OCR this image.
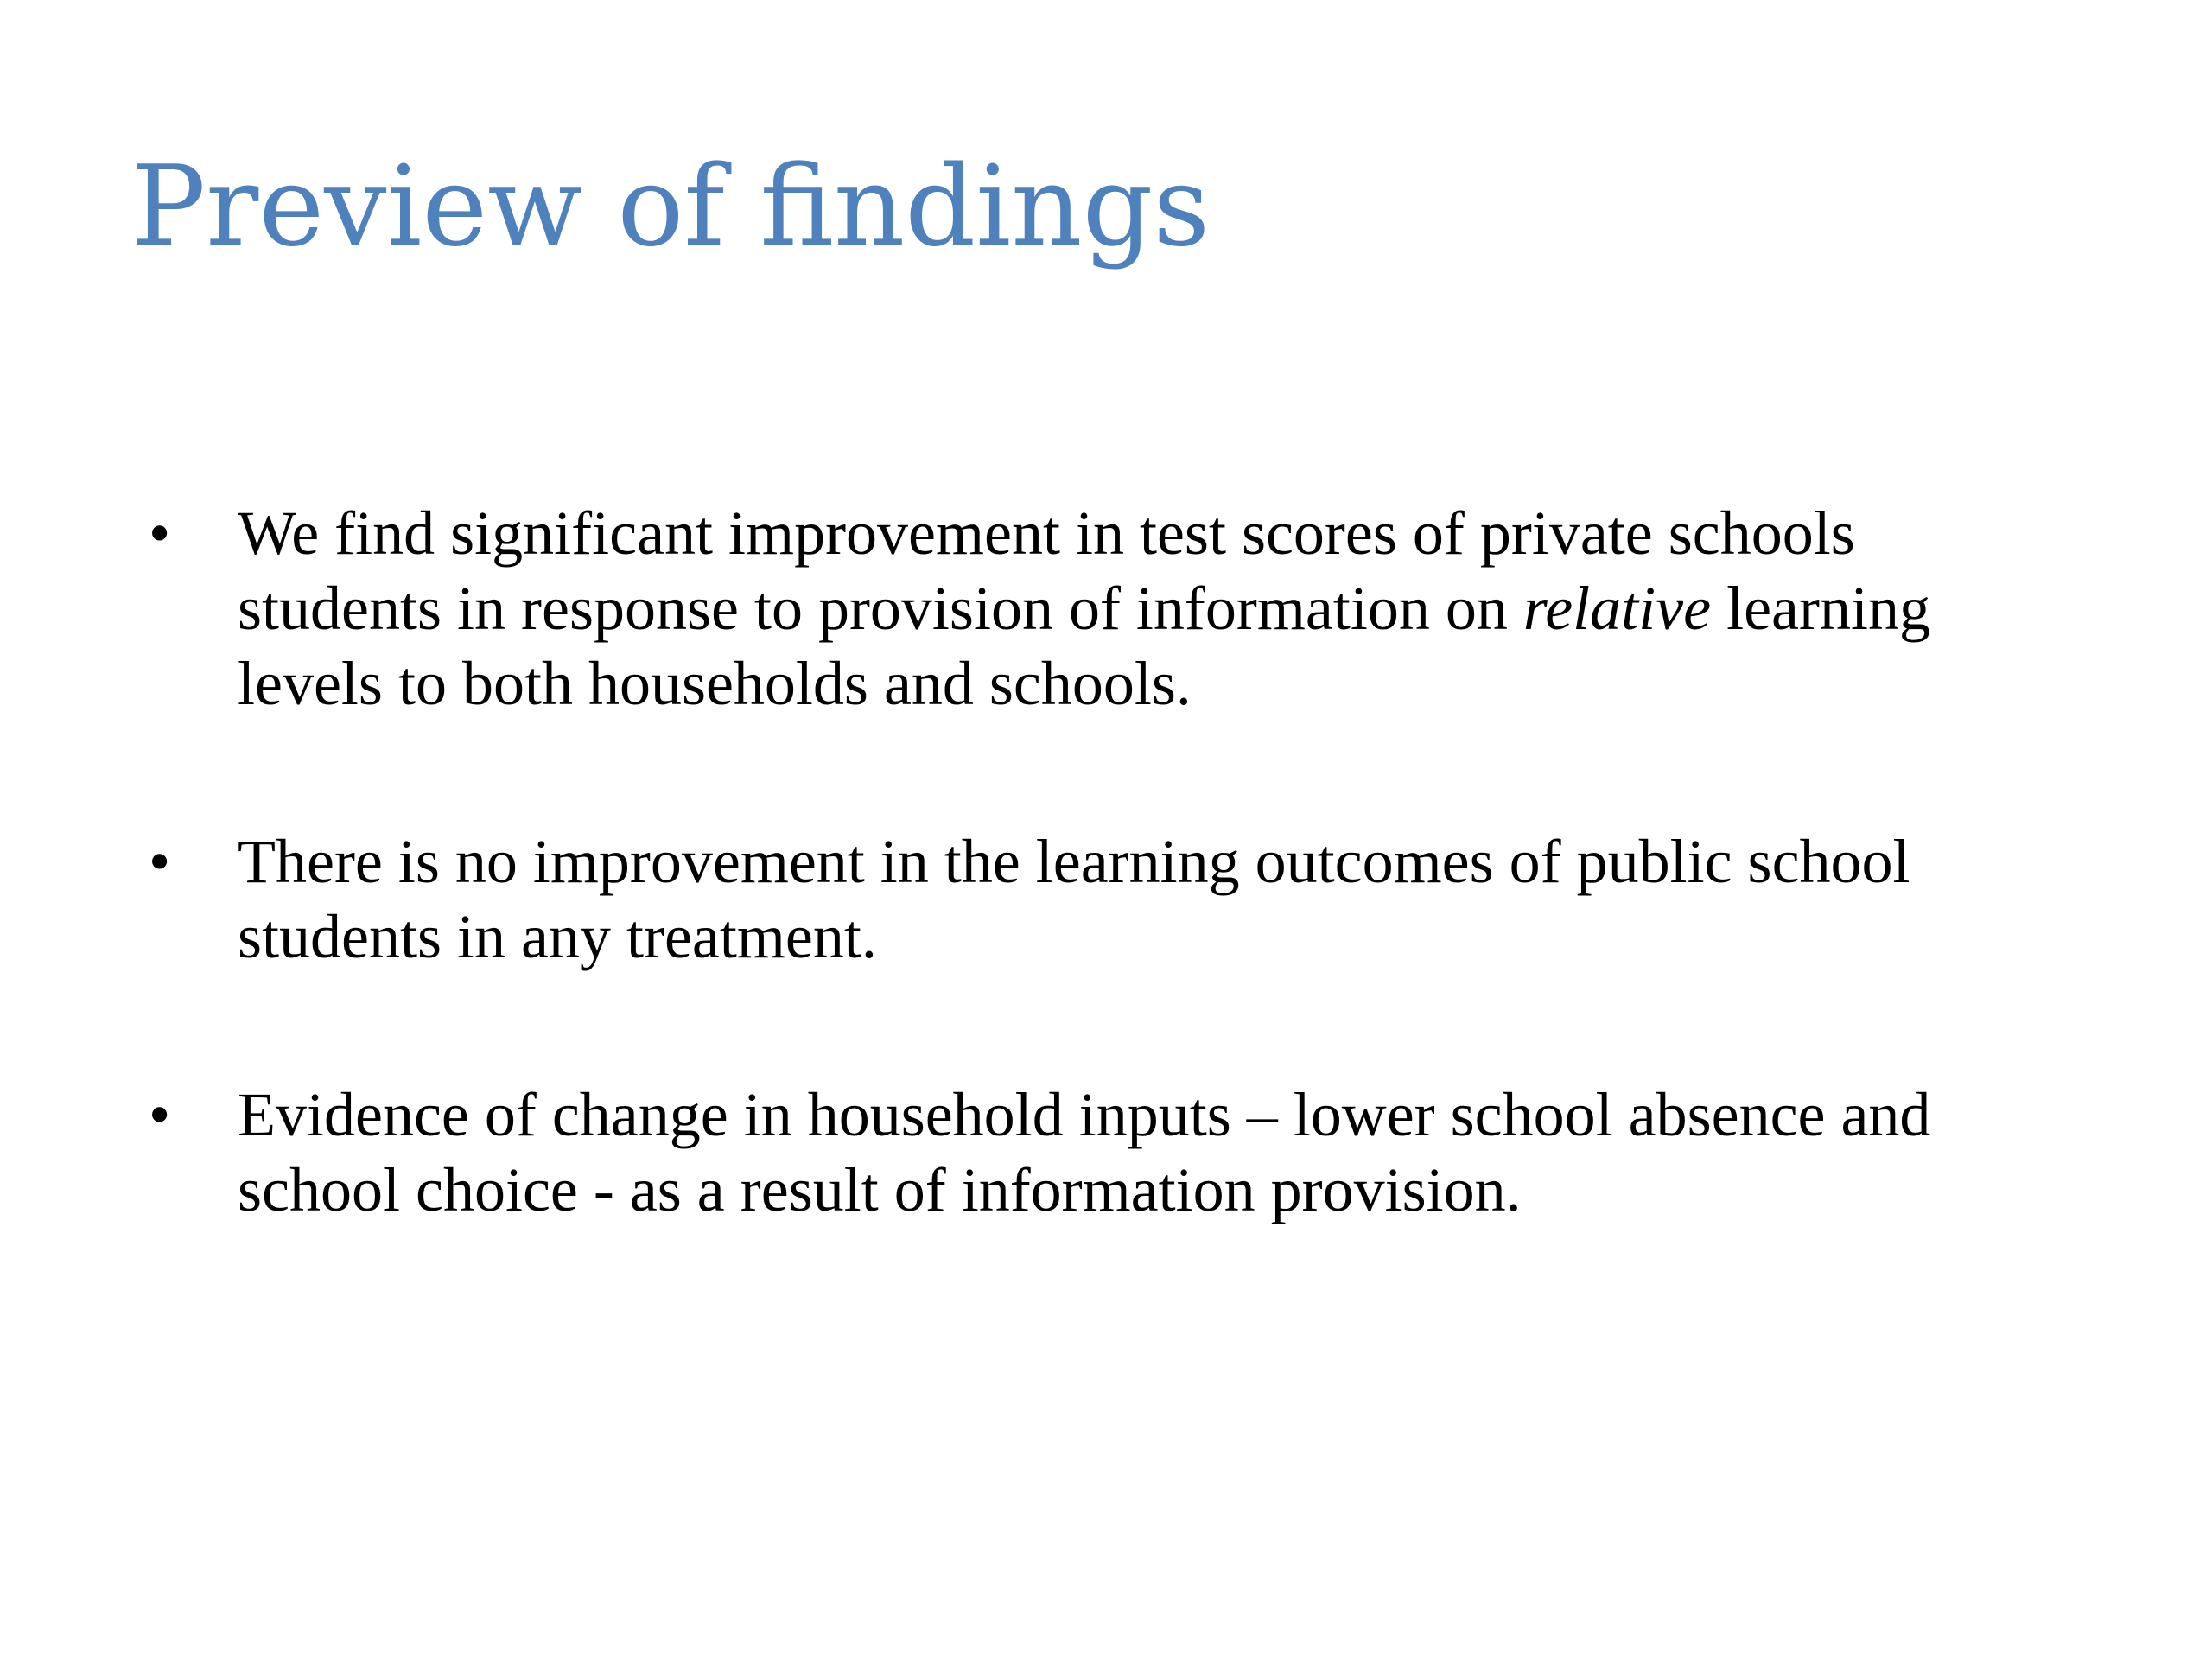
Preview of findings
• We find significant improvement in test scores of private schools
students in response to provision of information on relative learning
levels to both households and schools.
• There is no improvement in the learning outcomes of public school
students in any treatment.
• Evidence of change in household inputs – lower school absence and
school choice - as a result of information provision.
